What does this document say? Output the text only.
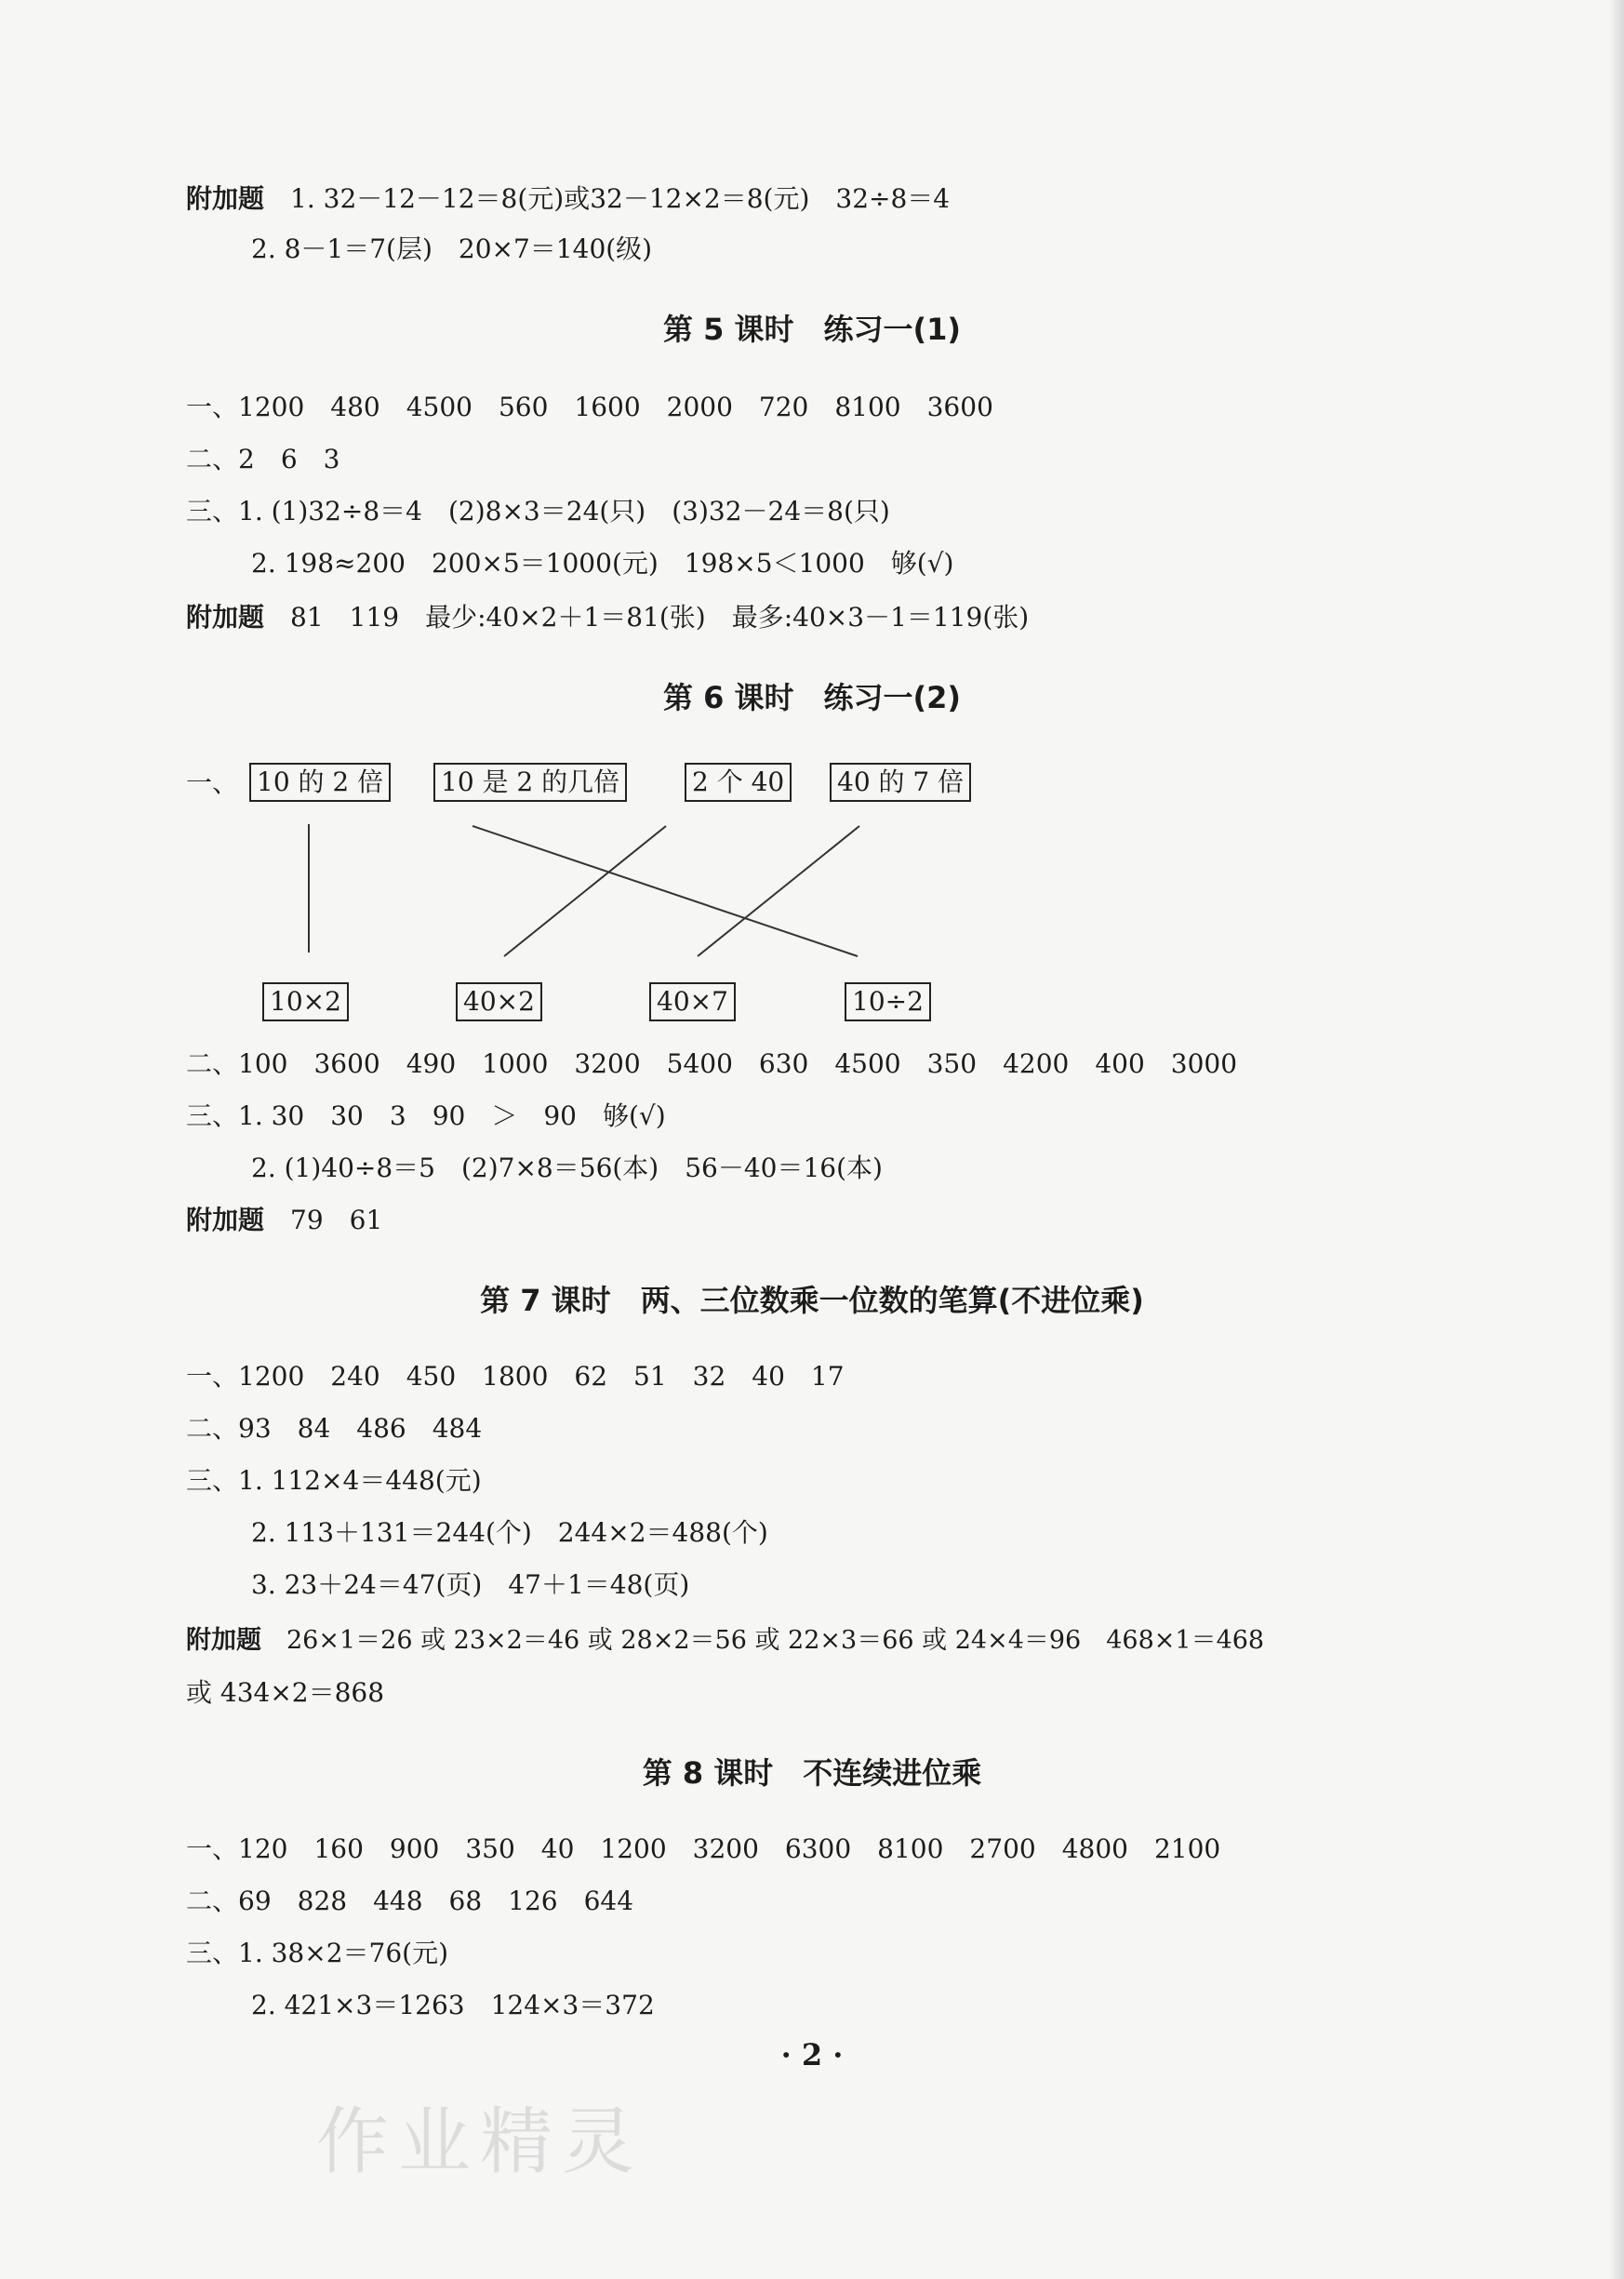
附加题　 1. 32－12－12＝8(元)或32－12×2＝8(元)　32÷8＝4
2. 8－1＝7(层)　20×7＝140(级)
第 5 课时　练习一(1)
一、1200　480　4500　560　1600　2000　720　8100　3600
二、2　6　3
三、1. (1)32÷8＝4　(2)8×3＝24(只)　(3)32－24＝8(只)
2. 198≈200　200×5＝1000(元)　198×5＜1000　够(√)
附加题　 81　119　最少:40×2＋1＝81(张)　最多:40×3－1＝119(张)
第 6 课时　练习一(2)
一、 10 的 2 倍 10 是 2 的几倍	2 个 40 40 的 7 倍
10×2	40×2	40×7	10÷2
二、100　3600　490　1000　3200　5400　630　4500　350　4200　400　3000
三、1. 30　30　3　90　＞　90　够(√)
2. (1)40÷8＝5　(2)7×8＝56(本)　56－40＝16(本)
附加题　 79　61
第 7 课时　两、三位数乘一位数的笔算(不进位乘)
一、1200　240　450　1800　62　51　32　40　17
二、93　84　486　484
三、1. 112×4＝448(元)
2. 113＋131＝244(个)　244×2＝488(个)
3. 23＋24＝47(页)　47＋1＝48(页)
附加题　 26×1＝26 或 23×2＝46 或 28×2＝56 或 22×3＝66 或 24×4＝96　468×1＝468
或 434×2＝868
第 8 课时　不连续进位乘
一、120　160　900　350　40　1200　3200　6300　8100　2700　4800　2100
二、69　828　448　68　126　644
三、1. 38×2＝76(元)
2. 421×3＝1263　124×3＝372
· 2 ·
作业精灵
